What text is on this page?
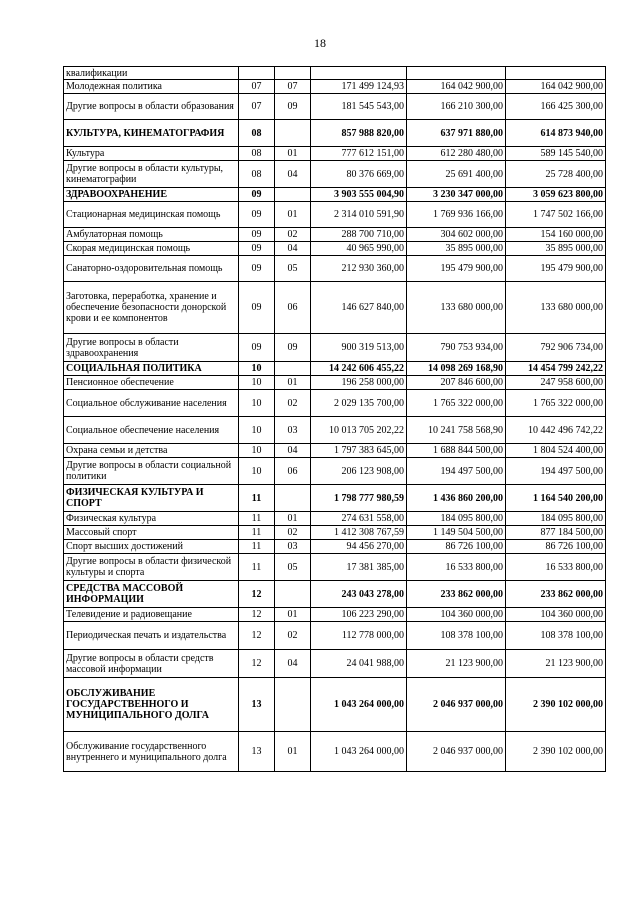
18
квалификации					
Молодежная политика	07	07	171 499 124,93	164 042 900,00	164 042 900,00
Другие вопросы в области образования	07	09	181 545 543,00	166 210 300,00	166 425 300,00
КУЛЬТУРА, КИНЕМАТОГРАФИЯ	08		857 988 820,00	637 971 880,00	614 873 940,00
Культура	08	01	777 612 151,00	612 280 480,00	589 145 540,00
Другие вопросы в области культуры, кинематографии	08	04	80 376 669,00	25 691 400,00	25 728 400,00
ЗДРАВООХРАНЕНИЕ	09		3 903 555 004,90	3 230 347 000,00	3 059 623 800,00
Стационарная медицинская помощь	09	01	2 314 010 591,90	1 769 936 166,00	1 747 502 166,00
Амбулаторная помощь	09	02	288 700 710,00	304 602 000,00	154 160 000,00
Скорая медицинская помощь	09	04	40 965 990,00	35 895 000,00	35 895 000,00
Санаторно-оздоровительная помощь	09	05	212 930 360,00	195 479 900,00	195 479 900,00
Заготовка, переработка, хранение и обеспечение безопасности донорской крови и ее компонентов	09	06	146 627 840,00	133 680 000,00	133 680 000,00
Другие вопросы в области здравоохранения	09	09	900 319 513,00	790 753 934,00	792 906 734,00
СОЦИАЛЬНАЯ ПОЛИТИКА	10		14 242 606 455,22	14 098 269 168,90	14 454 799 242,22
Пенсионное обеспечение	10	01	196 258 000,00	207 846 600,00	247 958 600,00
Социальное обслуживание населения	10	02	2 029 135 700,00	1 765 322 000,00	1 765 322 000,00
Социальное обеспечение населения	10	03	10 013 705 202,22	10 241 758 568,90	10 442 496 742,22
Охрана семьи и детства	10	04	1 797 383 645,00	1 688 844 500,00	1 804 524 400,00
Другие вопросы в области социальной политики	10	06	206 123 908,00	194 497 500,00	194 497 500,00
ФИЗИЧЕСКАЯ КУЛЬТУРА И СПОРТ	11		1 798 777 980,59	1 436 860 200,00	1 164 540 200,00
Физическая культура	11	01	274 631 558,00	184 095 800,00	184 095 800,00
Массовый спорт	11	02	1 412 308 767,59	1 149 504 500,00	877 184 500,00
Спорт высших достижений	11	03	94 456 270,00	86 726 100,00	86 726 100,00
Другие вопросы в области физической культуры и спорта	11	05	17 381 385,00	16 533 800,00	16 533 800,00
СРЕДСТВА МАССОВОЙ ИНФОРМАЦИИ	12		243 043 278,00	233 862 000,00	233 862 000,00
Телевидение и радиовещание	12	01	106 223 290,00	104 360 000,00	104 360 000,00
Периодическая печать и издательства	12	02	112 778 000,00	108 378 100,00	108 378 100,00
Другие вопросы в области средств массовой информации	12	04	24 041 988,00	21 123 900,00	21 123 900,00
ОБСЛУЖИВАНИЕ ГОСУДАРСТВЕННОГО И МУНИЦИПАЛЬНОГО ДОЛГА	13		1 043 264 000,00	2 046 937 000,00	2 390 102 000,00
Обслуживание государственного внутреннего и муниципального долга	13	01	1 043 264 000,00	2 046 937 000,00	2 390 102 000,00
